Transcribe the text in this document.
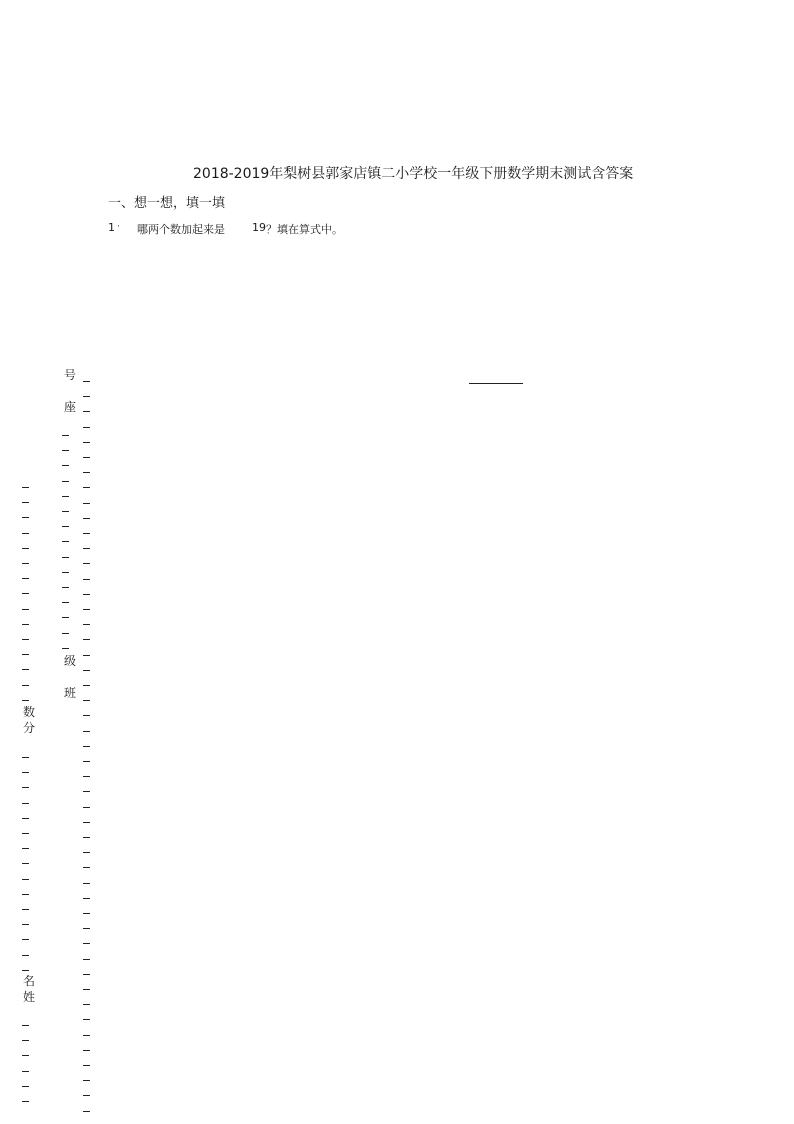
2018-2019年梨树县郭家店镇二小学校一年级下册数学期末测试含答案
一、想一想，填一填
1 · 哪两个数加起来是 19 ？填在算式中。
号
座
级
班
数
分
名
姓
